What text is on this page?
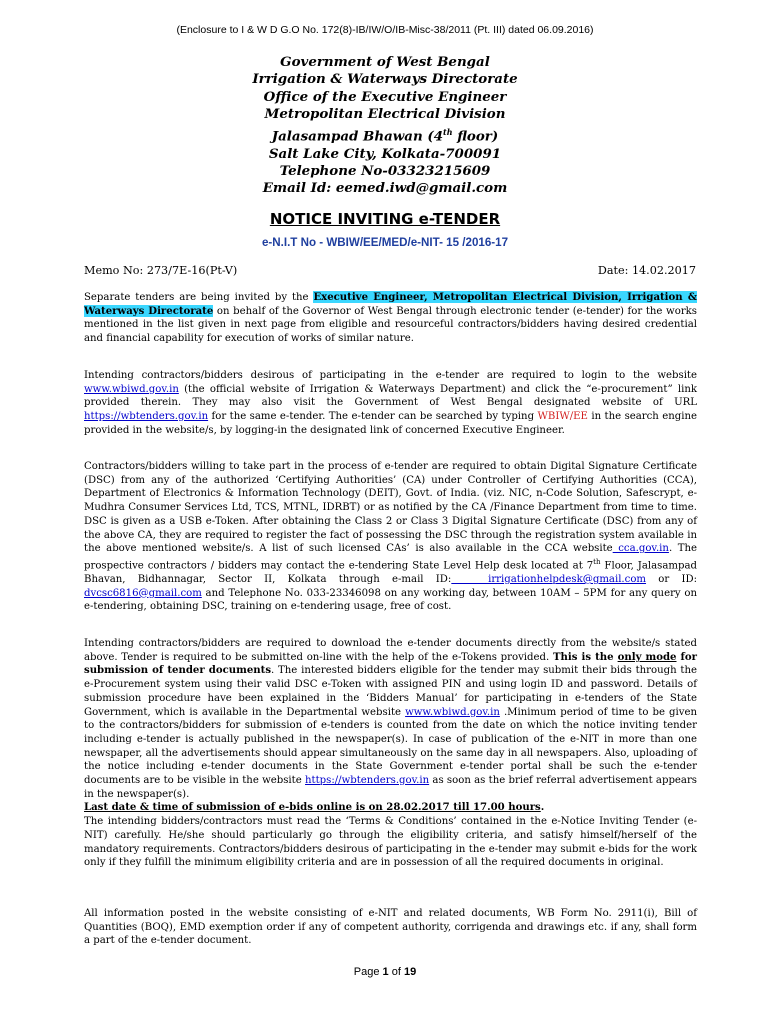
(Enclosure to I & W D G.O No. 172(8)-IB/IW/O/IB-Misc-38/2011 (Pt. III) dated 06.09.2016)
Government of West Bengal
Irrigation & Waterways Directorate
Office of the Executive Engineer
Metropolitan Electrical Division
Jalasampad Bhawan (4th floor)
Salt Lake City, Kolkata-700091
Telephone No-03323215609
Email Id: eemed.iwd@gmail.com
NOTICE INVITING e-TENDER
e-N.I.T No - WBIW/EE/MED/e-NIT- 15 /2016-17
Memo No: 273/7E-16(Pt-V)	Date: 14.02.2017
Separate tenders are being invited by the Executive Engineer, Metropolitan Electrical Division, Irrigation & Waterways Directorate on behalf of the Governor of West Bengal through electronic tender (e-tender) for the works mentioned in the list given in next page from eligible and resourceful contractors/bidders having desired credential and financial capability for execution of works of similar nature.
Intending contractors/bidders desirous of participating in the e-tender are required to login to the website www.wbiwd.gov.in (the official website of Irrigation & Waterways Department) and click the “e-procurement” link provided therein. They may also visit the Government of West Bengal designated website of URL https://wbtenders.gov.in for the same e-tender. The e-tender can be searched by typing WBIW/EE in the search engine provided in the website/s, by logging-in the designated link of concerned Executive Engineer.
Contractors/bidders willing to take part in the process of e-tender are required to obtain Digital Signature Certificate (DSC) from any of the authorized ‘Certifying Authorities’ (CA) under Controller of Certifying Authorities (CCA), Department of Electronics & Information Technology (DEIT), Govt. of India. (viz. NIC, n-Code Solution, Safescrypt, e-Mudhra Consumer Services Ltd, TCS, MTNL, IDRBT) or as notified by the CA /Finance Department from time to time. DSC is given as a USB e-Token. After obtaining the Class 2 or Class 3 Digital Signature Certificate (DSC) from any of the above CA, they are required to register the fact of possessing the DSC through the registration system available in the above mentioned website/s. A list of such licensed CAs’ is also available in the CCA website cca.gov.in. The prospective contractors / bidders may contact the e-tendering State Level Help desk located at 7th Floor, Jalasampad Bhavan, Bidhannagar, Sector II, Kolkata through e-mail ID:   irrigationhelpdesk@gmail.com or ID: dvcsc6816@gmail.com and Telephone No. 033-23346098 on any working day, between 10AM – 5PM for any query on e-tendering, obtaining DSC, training on e-tendering usage, free of cost.
Intending contractors/bidders are required to download the e-tender documents directly from the website/s stated above. Tender is required to be submitted on-line with the help of the e-Tokens provided. This is the only mode for submission of tender documents. The interested bidders eligible for the tender may submit their bids through the e-Procurement system using their valid DSC e-Token with assigned PIN and using login ID and password. Details of submission procedure have been explained in the ‘Bidders Manual’ for participating in e-tenders of the State Government, which is available in the Departmental website www.wbiwd.gov.in .Minimum period of time to be given to the contractors/bidders for submission of e-tenders is counted from the date on which the notice inviting tender including e-tender is actually published in the newspaper(s). In case of publication of the e-NIT in more than one newspaper, all the advertisements should appear simultaneously on the same day in all newspapers. Also, uploading of the notice including e-tender documents in the State Government e-tender portal shall be such the e-tender documents are to be visible in the website https://wbtenders.gov.in as soon as the brief referral advertisement appears in the newspaper(s).
Last date & time of submission of e-bids online is on 28.02.2017 till 17.00 hours.
The intending bidders/contractors must read the ‘Terms & Conditions’ contained in the e-Notice Inviting Tender (e-NIT) carefully. He/she should particularly go through the eligibility criteria, and satisfy himself/herself of the mandatory requirements. Contractors/bidders desirous of participating in the e-tender may submit e-bids for the work only if they fulfill the minimum eligibility criteria and are in possession of all the required documents in original.
All information posted in the website consisting of e-NIT and related documents, WB Form No. 2911(i), Bill of Quantities (BOQ), EMD exemption order if any of competent authority, corrigenda and drawings etc. if any, shall form a part of the e-tender document.
Page 1 of 19
